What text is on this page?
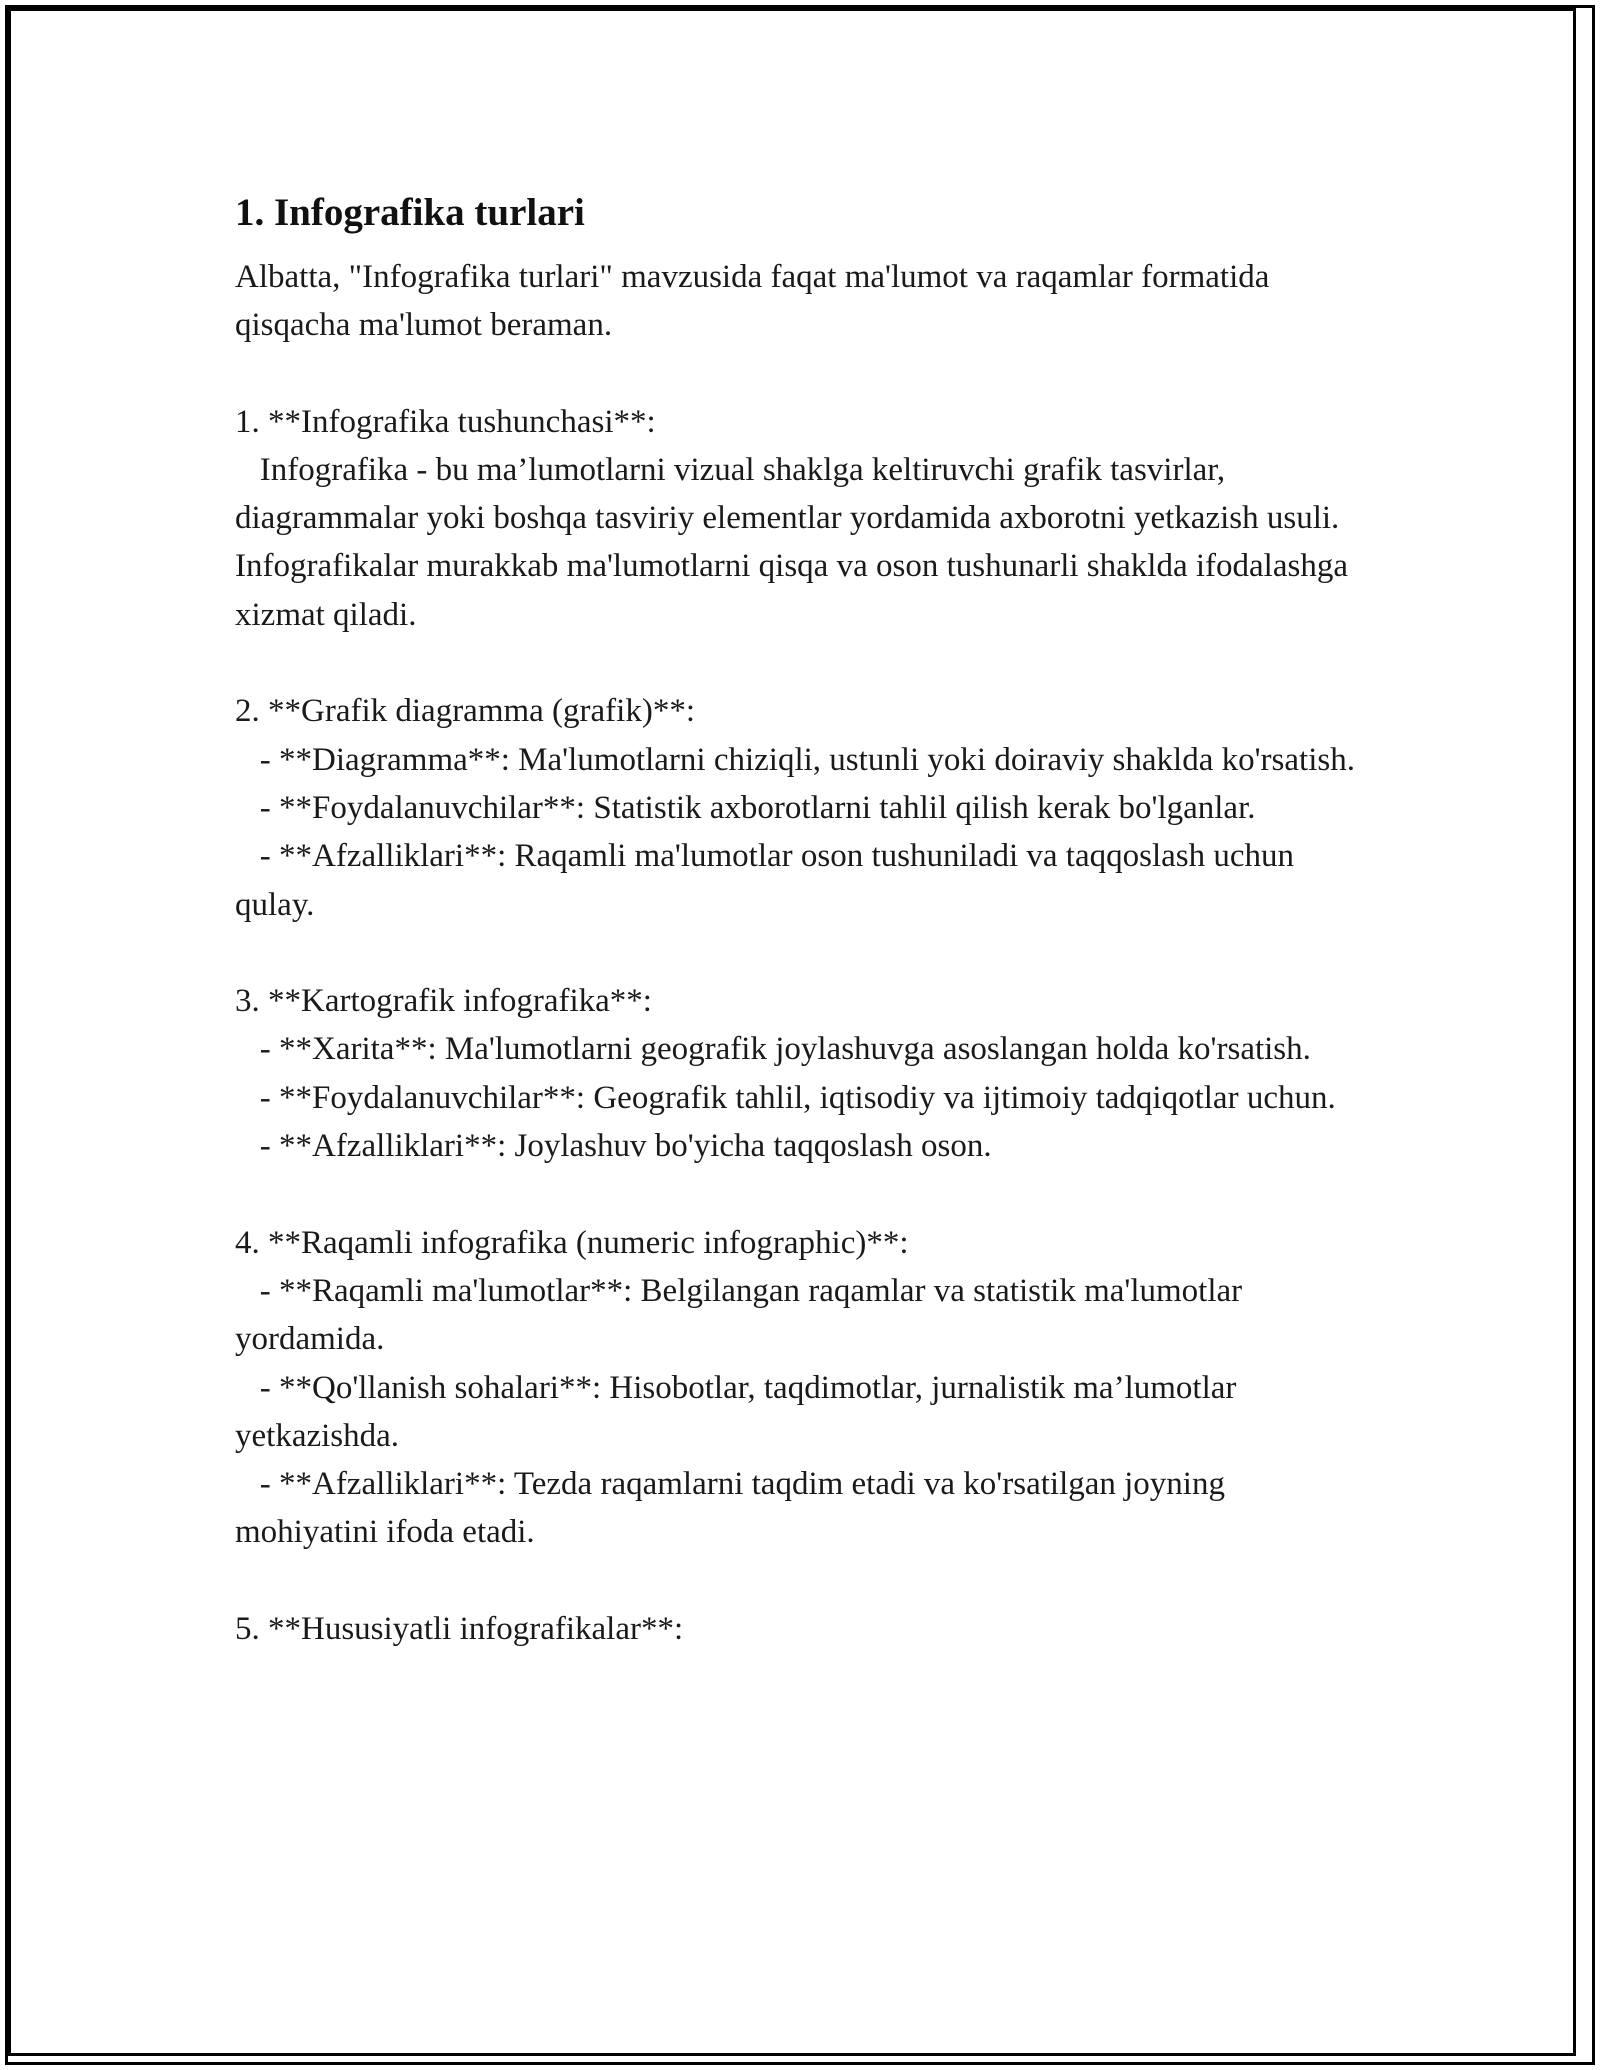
1. Infografika turlari

Albatta, "Infografika turlari" mavzusida faqat ma'lumot va raqamlar formatida qisqacha ma'lumot beraman.

1. **Infografika tushunchasi**:
Infografika - bu ma’lumotlarni vizual shaklga keltiruvchi grafik tasvirlar, diagrammalar yoki boshqa tasviriy elementlar yordamida axborotni yetkazish usuli. Infografikalar murakkab ma'lumotlarni qisqa va oson tushunarli shaklda ifodalashga xizmat qiladi.

2. **Grafik diagramma (grafik)**:
- **Diagramma**: Ma'lumotlarni chiziqli, ustunli yoki doiraviy shaklda ko'rsatish.
- **Foydalanuvchilar**: Statistik axborotlarni tahlil qilish kerak bo'lganlar.
- **Afzalliklari**: Raqamli ma'lumotlar oson tushuniladi va taqqoslash uchun qulay.

3. **Kartografik infografika**:
- **Xarita**: Ma'lumotlarni geografik joylashuvga asoslangan holda ko'rsatish.
- **Foydalanuvchilar**: Geografik tahlil, iqtisodiy va ijtimoiy tadqiqotlar uchun.
- **Afzalliklari**: Joylashuv bo'yicha taqqoslash oson.

4. **Raqamli infografika (numeric infographic)**:
- **Raqamli ma'lumotlar**: Belgilangan raqamlar va statistik ma'lumotlar yordamida.
- **Qo'llanish sohalari**: Hisobotlar, taqdimotlar, jurnalistik ma’lumotlar yetkazishda.
- **Afzalliklari**: Tezda raqamlarni taqdim etadi va ko'rsatilgan joyning mohiyatini ifoda etadi.

5. **Hususiyatli infografikalar**:
